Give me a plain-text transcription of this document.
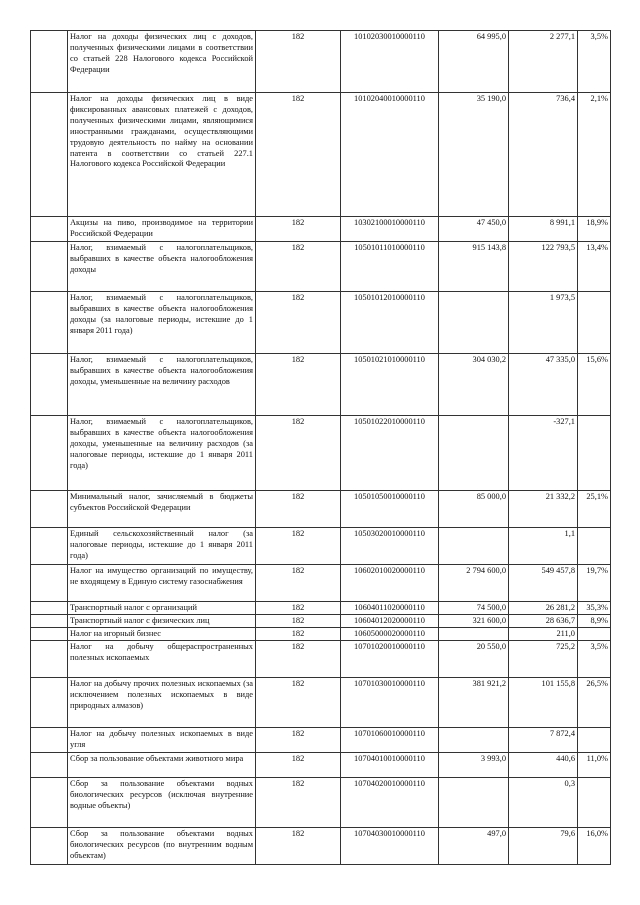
	Налог на доходы физических лиц с доходов, полученных физическими лицами в соответствии со статьей 228 Налогового кодекса Российской Федерации	182	10102030010000110	64 995,0	2 277,1	3,5%
	Налог на доходы физических лиц в виде фиксированных авансовых платежей с доходов, полученных физическими лицами, являющимися иностранными гражданами, осуществляющими трудовую деятельность по найму на основании патента в соответствии со статьей 227.1 Налогового кодекса Российской Федерации	182	10102040010000110	35 190,0	736,4	2,1%
	Акцизы на пиво, производимое на территории Российской Федерации	182	10302100010000110	47 450,0	8 991,1	18,9%
	Налог, взимаемый с налогоплательщиков, выбравших в качестве объекта налогообложения доходы	182	10501011010000110	915 143,8	122 793,5	13,4%
	Налог, взимаемый с налогоплательщиков, выбравших в качестве объекта налогообложения доходы (за налоговые периоды, истекшие до 1 января 2011 года)	182	10501012010000110		1 973,5	
	Налог, взимаемый с налогоплательщиков, выбравших в качестве объекта налогообложения доходы, уменьшенные на величину расходов	182	10501021010000110	304 030,2	47 335,0	15,6%
	Налог, взимаемый с налогоплательщиков, выбравших в качестве объекта налогообложения доходы, уменьшенные на величину расходов (за налоговые периоды, истекшие до 1 января 2011 года)	182	10501022010000110		-327,1	
	Минимальный налог, зачисляемый в бюджеты субъектов Российской Федерации	182	10501050010000110	85 000,0	21 332,2	25,1%
	Единый сельскохозяйственный налог (за налоговые периоды, истекшие до 1 января 2011 года)	182	10503020010000110		1,1	
	Налог на имущество организаций по имуществу, не входящему в Единую систему газоснабжения	182	10602010020000110	2 794 600,0	549 457,8	19,7%
	Транспортный налог с организаций	182	10604011020000110	74 500,0	26 281,2	35,3%
	Транспортный налог с физических лиц	182	10604012020000110	321 600,0	28 636,7	8,9%
	Налог на игорный бизнес	182	10605000020000110		211,0	
	Налог на добычу общераспространенных полезных ископаемых	182	10701020010000110	20 550,0	725,2	3,5%
	Налог на добычу прочих полезных ископаемых (за исключением полезных ископаемых в виде природных алмазов)	182	10701030010000110	381 921,2	101 155,8	26,5%
	Налог на добычу полезных ископаемых в виде угля	182	10701060010000110		7 872,4	
	Сбор за пользование объектами животного мира	182	10704010010000110	3 993,0	440,6	11,0%
	Сбор за пользование объектами водных биологических ресурсов (исключая внутренние водные объекты)	182	10704020010000110		0,3	
	Сбор за пользование объектами водных биологических ресурсов (по внутренним водным объектам)	182	10704030010000110	497,0	79,6	16,0%
